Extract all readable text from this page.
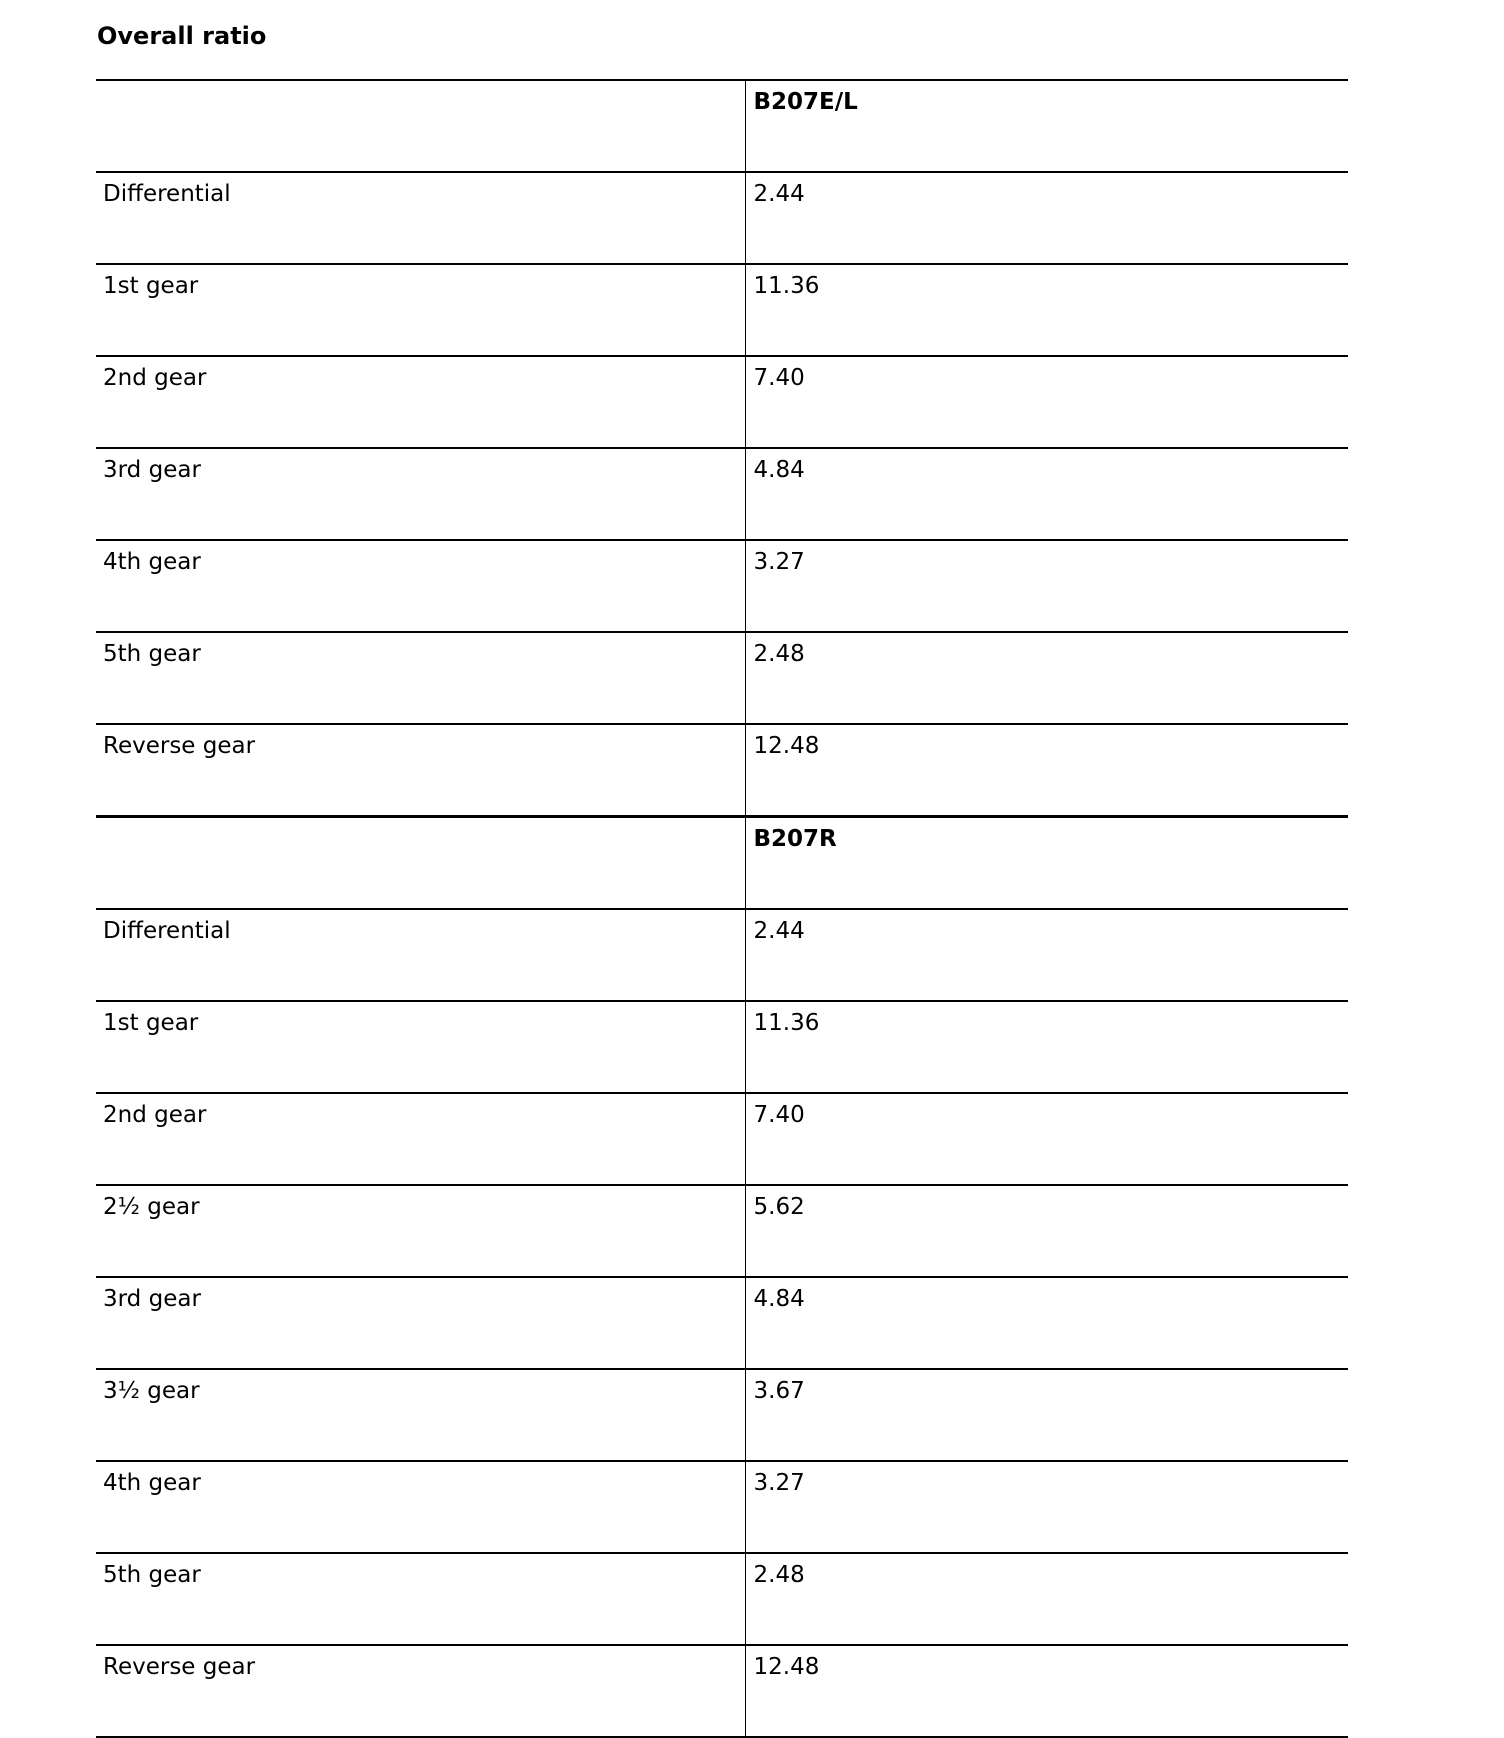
Overall ratio
	B207E/L
Differential	2.44
1st gear	11.36
2nd gear	7.40
3rd gear	4.84
4th gear	3.27
5th gear	2.48
Reverse gear	12.48
	B207R
Differential	2.44
1st gear	11.36
2nd gear	7.40
2½ gear	5.62
3rd gear	4.84
3½ gear	3.67
4th gear	3.27
5th gear	2.48
Reverse gear	12.48
